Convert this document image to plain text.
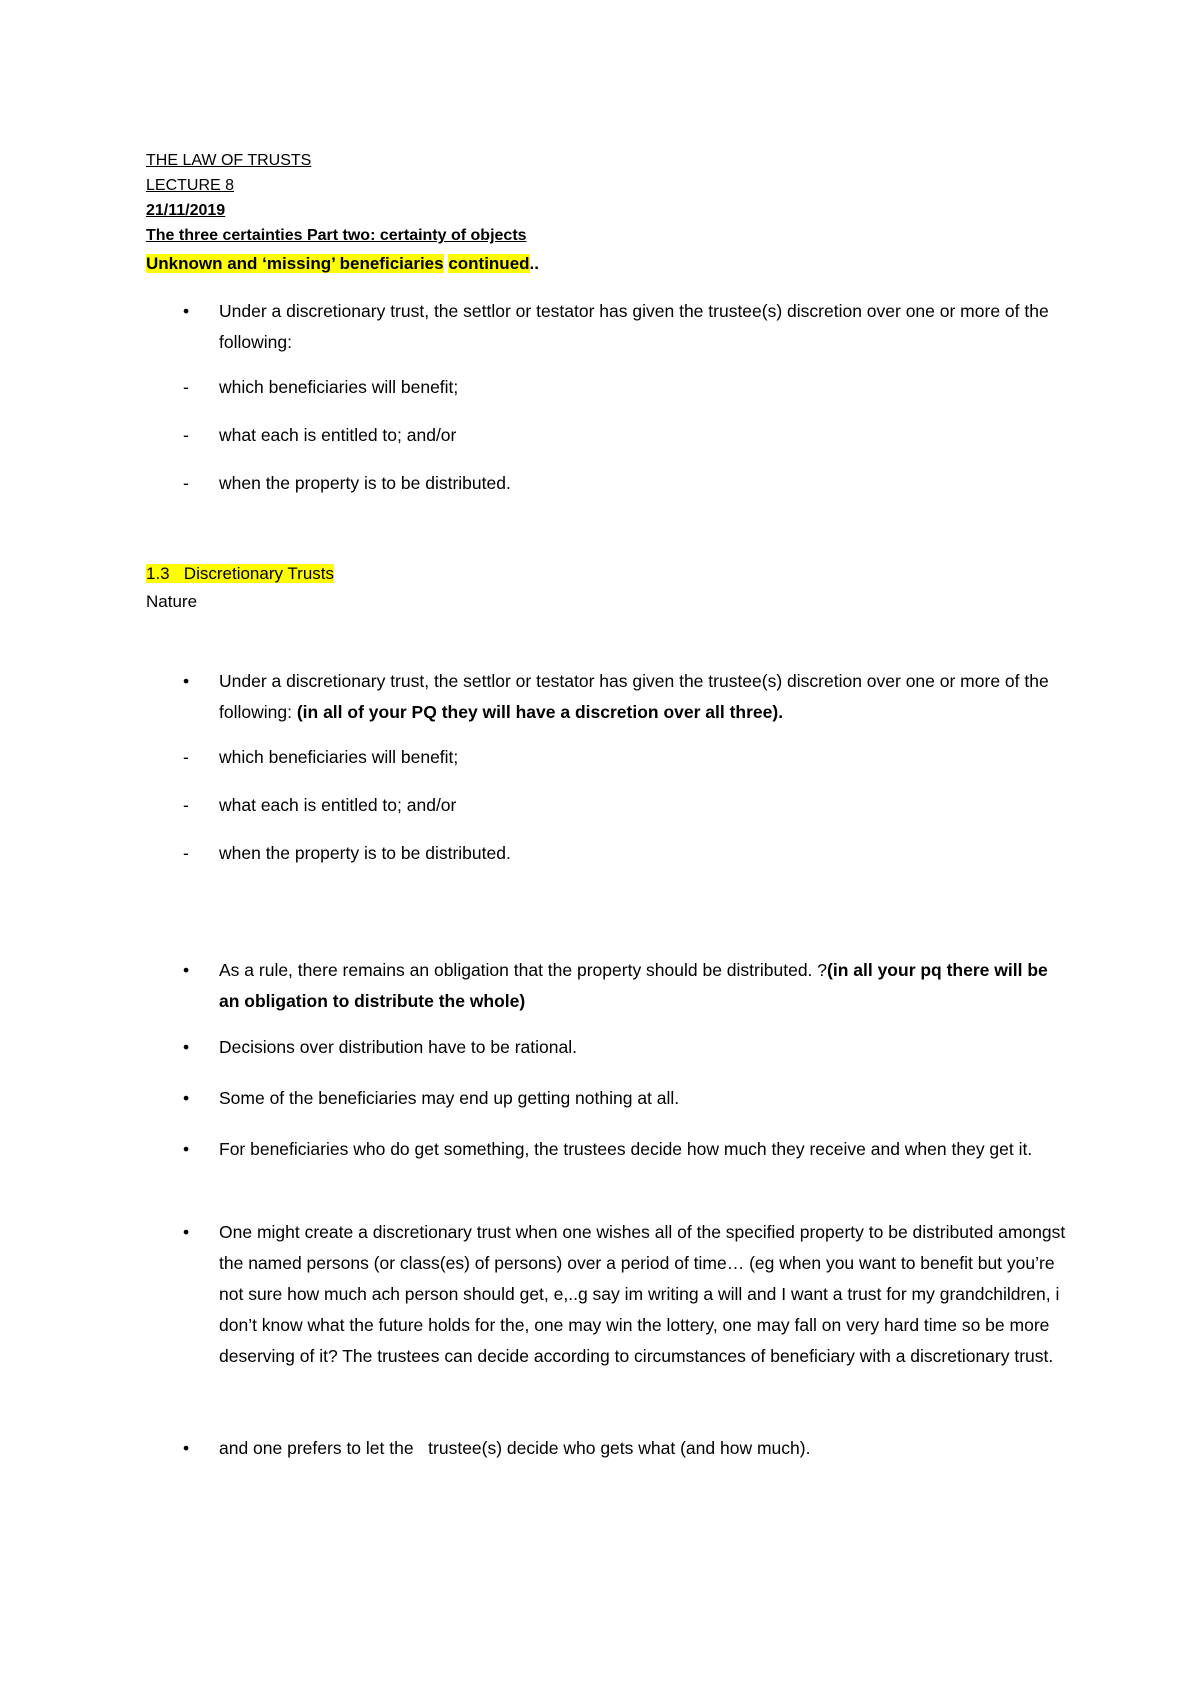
THE LAW OF TRUSTS
LECTURE 8
21/11/2019
The three certainties Part two: certainty of objects
Unknown and ‘missing’ beneficiaries continued..
• Under a discretionary trust, the settlor or testator has given the trustee(s) discretion over one or more of the following:
- which beneficiaries will benefit;
- what each is entitled to; and/or
- when the property is to be distributed.
1.3   Discretionary Trusts
Nature
• Under a discretionary trust, the settlor or testator has given the trustee(s) discretion over one or more of the following: (in all of your PQ they will have a discretion over all three).
- which beneficiaries will benefit;
- what each is entitled to; and/or
- when the property is to be distributed.
• As a rule, there remains an obligation that the property should be distributed. ?(in all your pq there will be an obligation to distribute the whole)
• Decisions over distribution have to be rational.
• Some of the beneficiaries may end up getting nothing at all.
• For beneficiaries who do get something, the trustees decide how much they receive and when they get it.
• One might create a discretionary trust when one wishes all of the specified property to be distributed amongst the named persons (or class(es) of persons) over a period of time… (eg when you want to benefit but you’re not sure how much ach person should get, e,..g say im writing a will and I want a trust for my grandchildren, i don’t know what the future holds for the, one may win the lottery, one may fall on very hard time so be more deserving of it? The trustees can decide according to circumstances of beneficiary with a discretionary trust.
• and one prefers to let the   trustee(s) decide who gets what (and how much).
